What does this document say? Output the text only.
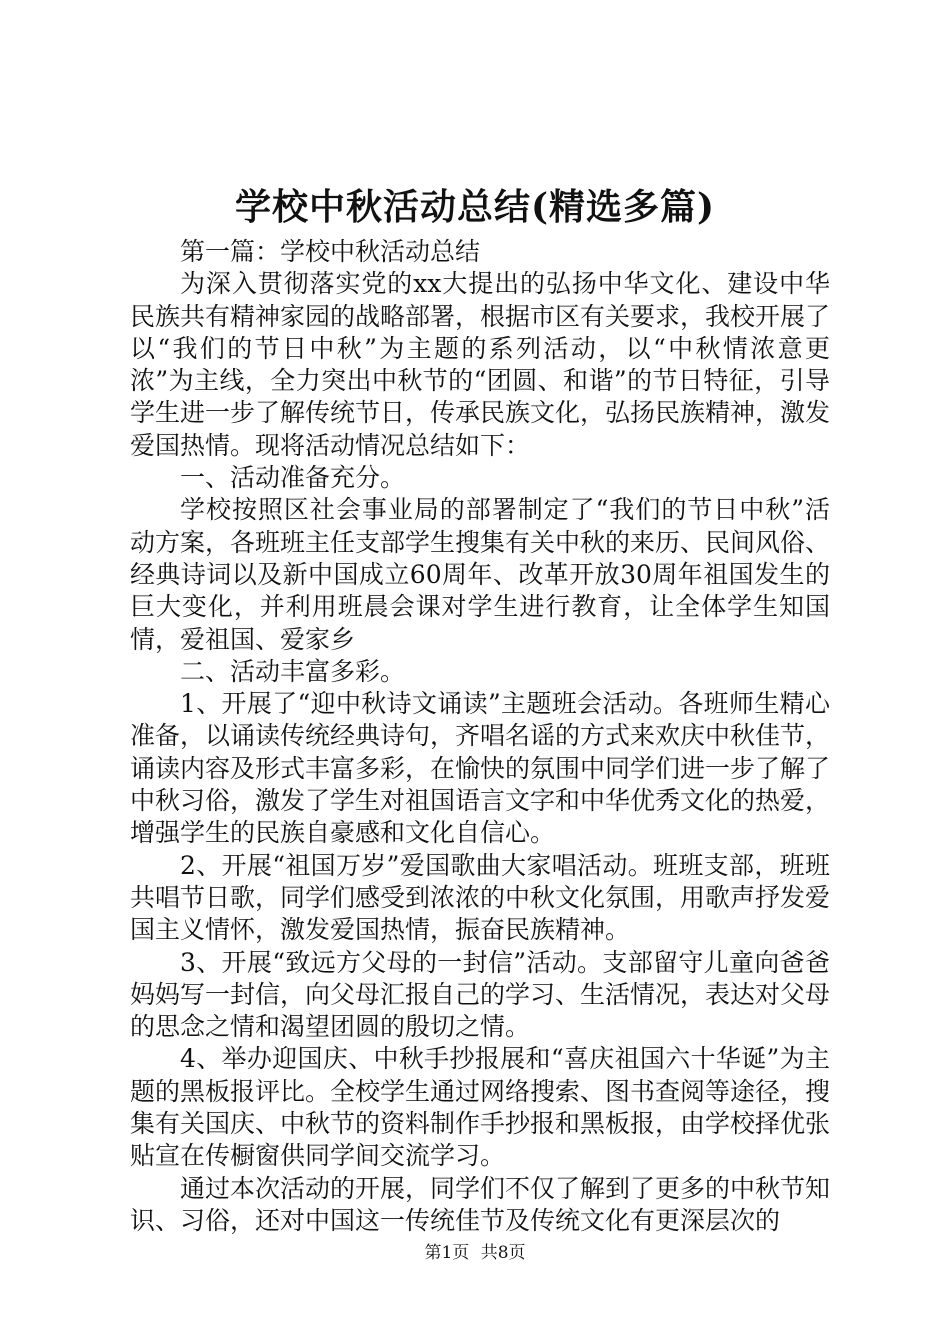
学校中秋活动总结(精选多篇)

第一篇：学校中秋活动总结

为深入贯彻落实党的xx大提出的弘扬中华文化、建设中华民族共有精神家园的战略部署，根据市区有关要求，我校开展了以“我们的节日中秋”为主题的系列活动，以“中秋情浓意更浓”为主线，全力突出中秋节的“团圆、和谐”的节日特征，引导学生进一步了解传统节日，传承民族文化，弘扬民族精神，激发爱国热情。现将活动情况总结如下：

一、活动准备充分。

学校按照区社会事业局的部署制定了“我们的节日中秋”活动方案，各班班主任支部学生搜集有关中秋的来历、民间风俗、经典诗词以及新中国成立60周年、改革开放30周年祖国发生的巨大变化，并利用班晨会课对学生进行教育，让全体学生知国情，爱祖国、爱家乡

二、活动丰富多彩。

1、开展了“迎中秋诗文诵读”主题班会活动。各班师生精心准备，以诵读传统经典诗句，齐唱名谣的方式来欢庆中秋佳节，诵读内容及形式丰富多彩，在愉快的氛围中同学们进一步了解了中秋习俗，激发了学生对祖国语言文字和中华优秀文化的热爱，增强学生的民族自豪感和文化自信心。

2、开展“祖国万岁”爱国歌曲大家唱活动。班班支部，班班共唱节日歌，同学们感受到浓浓的中秋文化氛围，用歌声抒发爱国主义情怀，激发爱国热情，振奋民族精神。

3、开展“致远方父母的一封信”活动。支部留守儿童向爸爸妈妈写一封信，向父母汇报自己的学习、生活情况，表达对父母的思念之情和渴望团圆的殷切之情。

4、举办迎国庆、中秋手抄报展和“喜庆祖国六十华诞”为主题的黑板报评比。全校学生通过网络搜索、图书查阅等途径，搜集有关国庆、中秋节的资料制作手抄报和黑板报，由学校择优张贴宣在传橱窗供同学间交流学习。

通过本次活动的开展，同学们不仅了解到了更多的中秋节知识、习俗，还对中国这一传统佳节及传统文化有更深层次的

第1页 共8页
